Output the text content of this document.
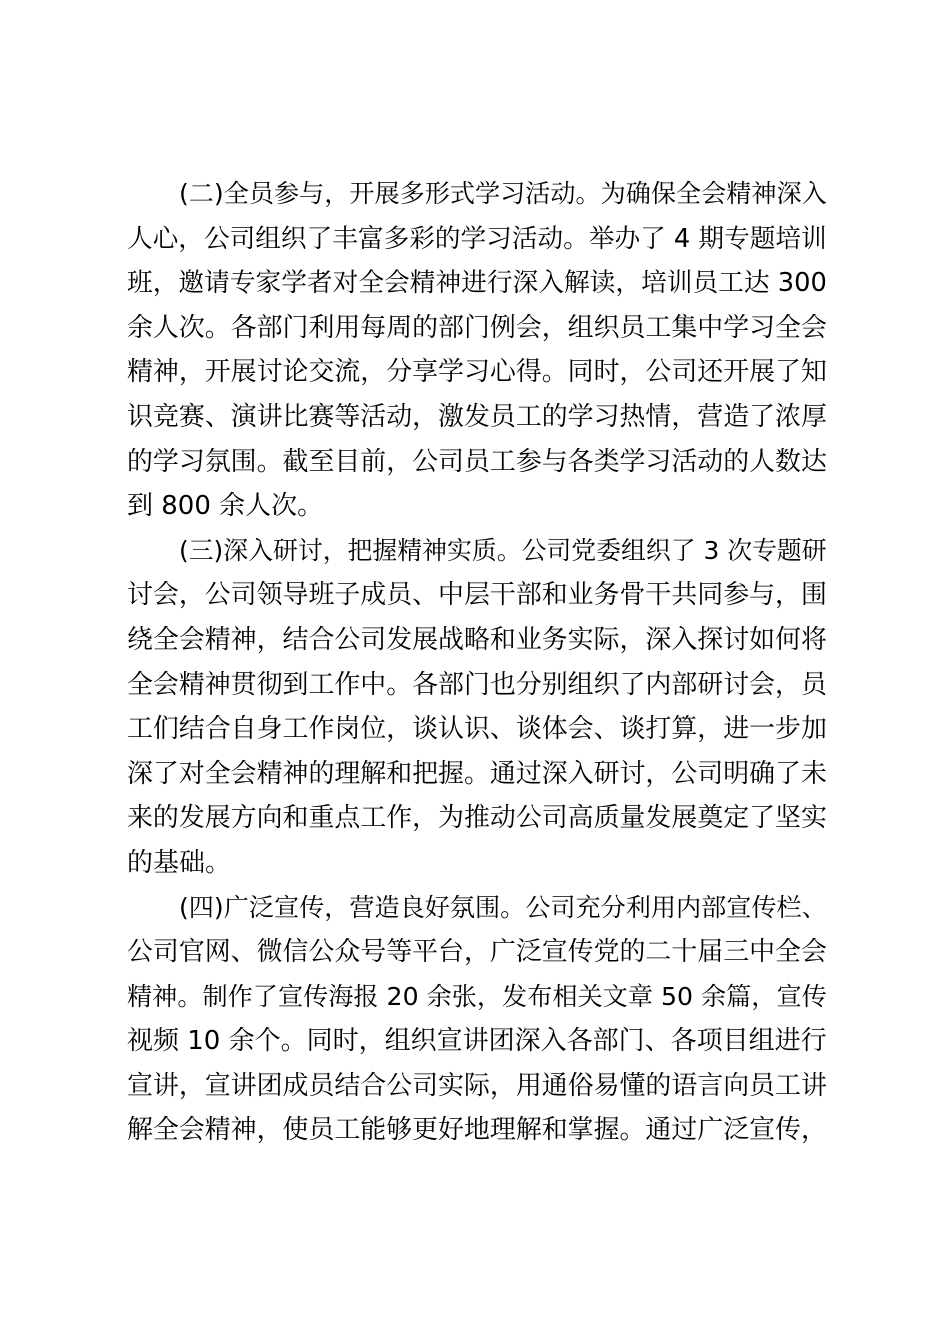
(二)全员参与，开展多形式学习活动。为确保全会精神深入
人心，公司组织了丰富多彩的学习活动。举办了 4 期专题培训
班，邀请专家学者对全会精神进行深入解读，培训员工达 300
余人次。各部门利用每周的部门例会，组织员工集中学习全会
精神，开展讨论交流，分享学习心得。同时，公司还开展了知
识竞赛、演讲比赛等活动，激发员工的学习热情，营造了浓厚
的学习氛围。截至目前，公司员工参与各类学习活动的人数达
到 800 余人次。
(三)深入研讨，把握精神实质。公司党委组织了 3 次专题研
讨会，公司领导班子成员、中层干部和业务骨干共同参与，围
绕全会精神，结合公司发展战略和业务实际，深入探讨如何将
全会精神贯彻到工作中。各部门也分别组织了内部研讨会，员
工们结合自身工作岗位，谈认识、谈体会、谈打算，进一步加
深了对全会精神的理解和把握。通过深入研讨，公司明确了未
来的发展方向和重点工作，为推动公司高质量发展奠定了坚实
的基础。
(四)广泛宣传，营造良好氛围。公司充分利用内部宣传栏、
公司官网、微信公众号等平台，广泛宣传党的二十届三中全会
精神。制作了宣传海报 20 余张，发布相关文章 50 余篇，宣传
视频 10 余个。同时，组织宣讲团深入各部门、各项目组进行
宣讲，宣讲团成员结合公司实际，用通俗易懂的语言向员工讲
解全会精神，使员工能够更好地理解和掌握。通过广泛宣传，
